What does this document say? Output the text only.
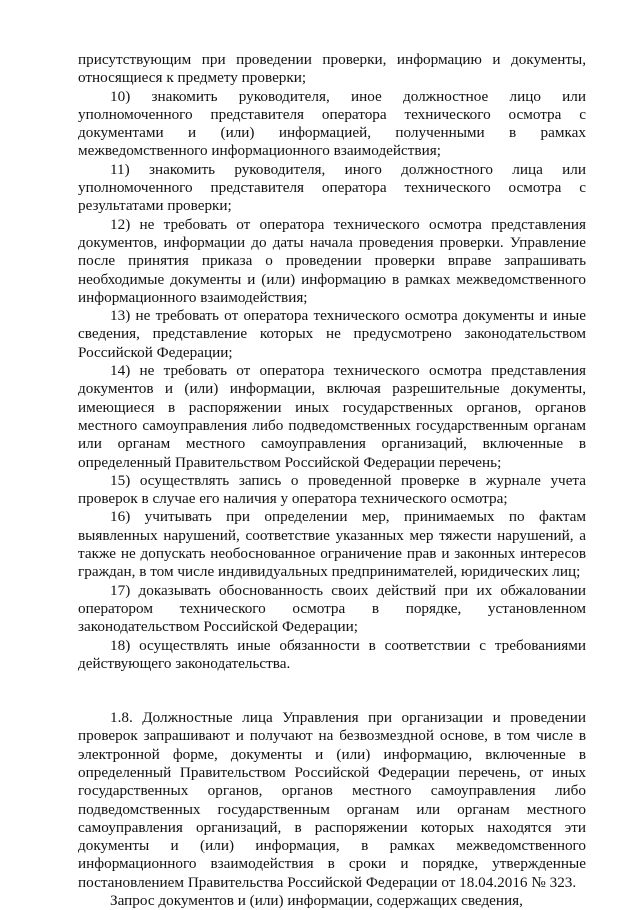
присутствующим при проведении проверки, информацию и документы, относящиеся к предмету проверки;

10) знакомить руководителя, иное должностное лицо или уполномоченного представителя оператора технического осмотра с документами и (или) информацией, полученными в рамках межведомственного информационного взаимодействия;

11) знакомить руководителя, иного должностного лица или уполномоченного представителя оператора технического осмотра с результатами проверки;

12) не требовать от оператора технического осмотра представления документов, информации до даты начала проведения проверки. Управление после принятия приказа о проведении проверки вправе запрашивать необходимые документы и (или) информацию в рамках межведомственного информационного взаимодействия;

13) не требовать от оператора технического осмотра документы и иные сведения, представление которых не предусмотрено законодательством Российской Федерации;

14) не требовать от оператора технического осмотра представления документов и (или) информации, включая разрешительные документы, имеющиеся в распоряжении иных государственных органов, органов местного самоуправления либо подведомственных государственным органам или органам местного самоуправления организаций, включенные в определенный Правительством Российской Федерации перечень;

15) осуществлять запись о проведенной проверке в журнале учета проверок в случае его наличия у оператора технического осмотра;

16) учитывать при определении мер, принимаемых по фактам выявленных нарушений, соответствие указанных мер тяжести нарушений, а также не допускать необоснованное ограничение прав и законных интересов граждан, в том числе индивидуальных предпринимателей, юридических лиц;

17) доказывать обоснованность своих действий при их обжаловании оператором технического осмотра в порядке, установленном законодательством Российской Федерации;

18) осуществлять иные обязанности в соответствии с требованиями действующего законодательства.

1.8. Должностные лица Управления при организации и проведении проверок запрашивают и получают на безвозмездной основе, в том числе в электронной форме, документы и (или) информацию, включенные в определенный Правительством Российской Федерации перечень, от иных государственных органов, органов местного самоуправления либо подведомственных государственным органам или органам местного самоуправления организаций, в распоряжении которых находятся эти документы и (или) информация, в рамках межведомственного информационного взаимодействия в сроки и порядке, утвержденные постановлением Правительства Российской Федерации от 18.04.2016 № 323.

Запрос документов и (или) информации, содержащих сведения,
